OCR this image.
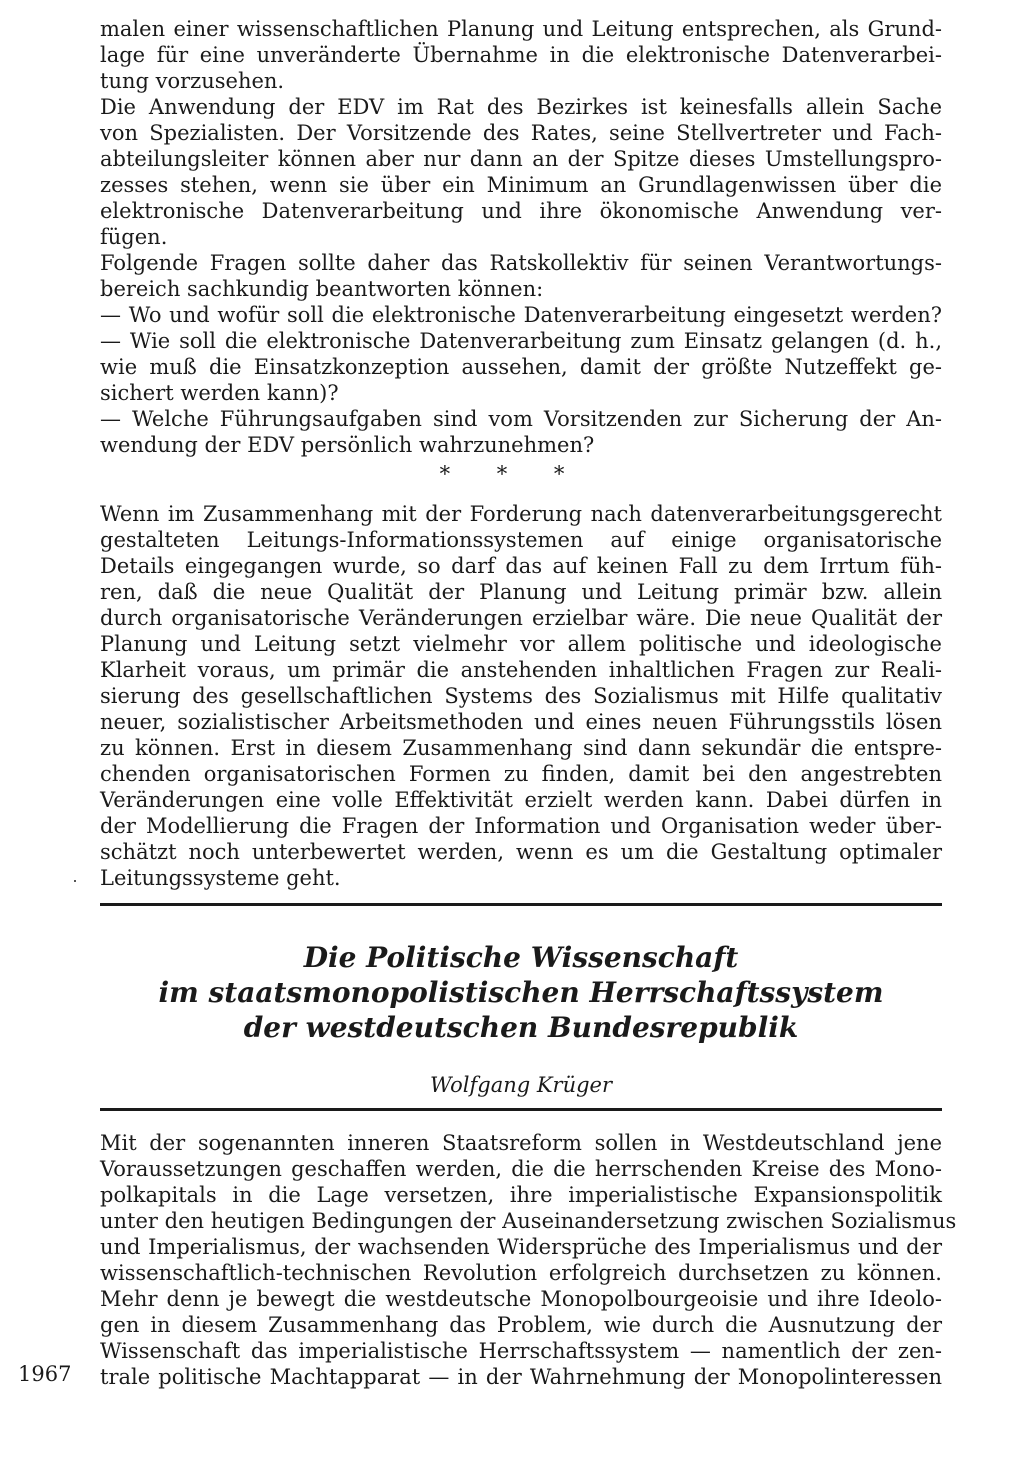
malen einer wissenschaftlichen Planung und Leitung entsprechen, als Grund-
lage für eine unveränderte Übernahme in die elektronische Datenverarbei-
tung vorzusehen.
Die Anwendung der EDV im Rat des Bezirkes ist keinesfalls allein Sache
von Spezialisten. Der Vorsitzende des Rates, seine Stellvertreter und Fach-
abteilungsleiter können aber nur dann an der Spitze dieses Umstellungspro-
zesses stehen, wenn sie über ein Minimum an Grundlagenwissen über die
elektronische Datenverarbeitung und ihre ökonomische Anwendung ver-
fügen.
Folgende Fragen sollte daher das Ratskollektiv für seinen Verantwortungs-
bereich sachkundig beantworten können:
— Wo und wofür soll die elektronische Datenverarbeitung eingesetzt werden?
— Wie soll die elektronische Datenverarbeitung zum Einsatz gelangen (d. h.,
wie muß die Einsatzkonzeption aussehen, damit der größte Nutzeffekt ge-
sichert werden kann)?
— Welche Führungsaufgaben sind vom Vorsitzenden zur Sicherung der An-
wendung der EDV persönlich wahrzunehmen?
* * *
Wenn im Zusammenhang mit der Forderung nach datenverarbeitungsgerecht
gestalteten Leitungs-Informationssystemen auf einige organisatorische
Details eingegangen wurde, so darf das auf keinen Fall zu dem Irrtum füh-
ren, daß die neue Qualität der Planung und Leitung primär bzw. allein
durch organisatorische Veränderungen erzielbar wäre. Die neue Qualität der
Planung und Leitung setzt vielmehr vor allem politische und ideologische
Klarheit voraus, um primär die anstehenden inhaltlichen Fragen zur Reali-
sierung des gesellschaftlichen Systems des Sozialismus mit Hilfe qualitativ
neuer, sozialistischer Arbeitsmethoden und eines neuen Führungsstils lösen
zu können. Erst in diesem Zusammenhang sind dann sekundär die entspre-
chenden organisatorischen Formen zu finden, damit bei den angestrebten
Veränderungen eine volle Effektivität erzielt werden kann. Dabei dürfen in
der Modellierung die Fragen der Information und Organisation weder über-
schätzt noch unterbewertet werden, wenn es um die Gestaltung optimaler
Leitungssysteme geht.
Die Politische Wissenschaft
im staatsmonopolistischen Herrschaftssystem
der westdeutschen Bundesrepublik
Wolfgang Krüger
Mit der sogenannten inneren Staatsreform sollen in Westdeutschland jene
Voraussetzungen geschaffen werden, die die herrschenden Kreise des Mono-
polkapitals in die Lage versetzen, ihre imperialistische Expansionspolitik
unter den heutigen Bedingungen der Auseinandersetzung zwischen Sozialismus
und Imperialismus, der wachsenden Widersprüche des Imperialismus und der
wissenschaftlich-technischen Revolution erfolgreich durchsetzen zu können.
Mehr denn je bewegt die westdeutsche Monopolbourgeoisie und ihre Ideolo-
gen in diesem Zusammenhang das Problem, wie durch die Ausnutzung der
Wissenschaft das imperialistische Herrschaftssystem — namentlich der zen-
trale politische Machtapparat — in der Wahrnehmung der Monopolinteressen
1967
